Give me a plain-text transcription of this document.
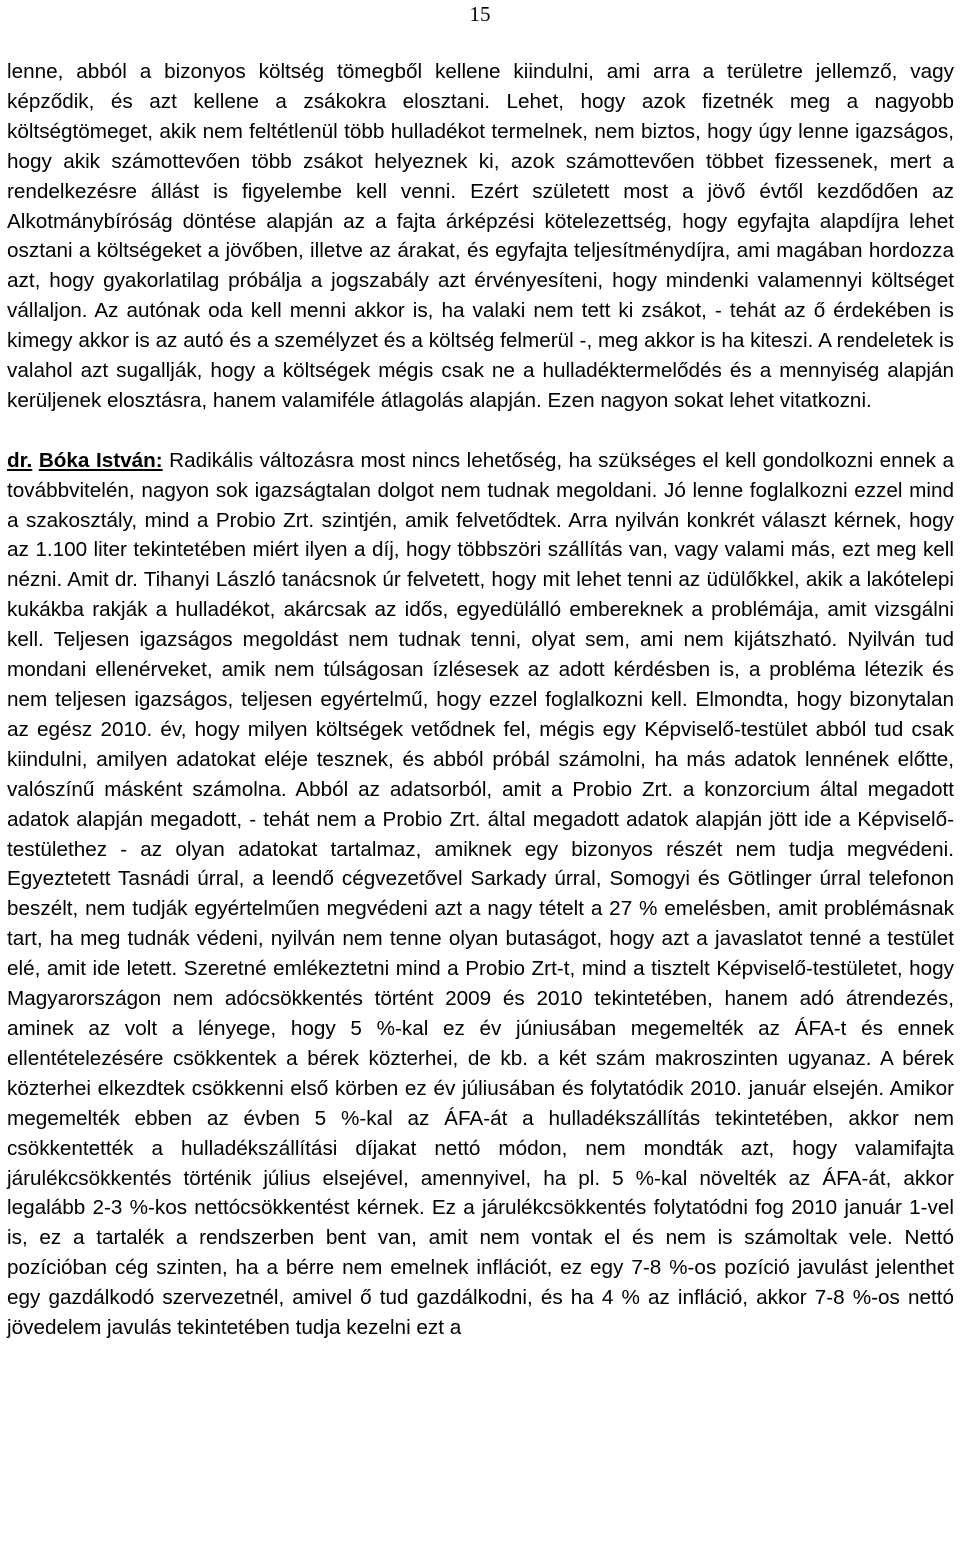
15

lenne, abból a bizonyos költség tömegből kellene kiindulni, ami arra a területre jellemző, vagy képződik, és azt kellene a zsákokra elosztani. Lehet, hogy azok fizetnék meg a nagyobb költségtömeget, akik nem feltétlenül több hulladékot termelnek, nem biztos, hogy úgy lenne igazságos, hogy akik számottevően több zsákot helyeznek ki, azok számottevően többet fizessenek, mert a rendelkezésre állást is figyelembe kell venni. Ezért született most a jövő évtől kezdődően az Alkotmánybíróság döntése alapján az a fajta árképzési kötelezettség, hogy egyfajta alapdíjra lehet osztani a költségeket a jövőben, illetve az árakat, és egyfajta teljesítménydíjra, ami magában hordozza azt, hogy gyakorlatilag próbálja a jogszabály azt érvényesíteni, hogy mindenki valamennyi költséget vállaljon. Az autónak oda kell menni akkor is, ha valaki nem tett ki zsákot, - tehát az ő érdekében is kimegy akkor is az autó és a személyzet és a költség felmerül -, meg akkor is ha kiteszi. A rendeletek is valahol azt sugallják, hogy a költségek mégis csak ne a hulladéktermelődés és a mennyiség alapján kerüljenek elosztásra, hanem valamiféle átlagolás alapján. Ezen nagyon sokat lehet vitatkozni.

dr. Bóka István: Radikális változásra most nincs lehetőség, ha szükséges el kell gondolkozni ennek a továbbvitelén, nagyon sok igazságtalan dolgot nem tudnak megoldani. Jó lenne foglalkozni ezzel mind a szakosztály, mind a Probio Zrt. szintjén, amik felvetődtek. Arra nyilván konkrét választ kérnek, hogy az 1.100 liter tekintetében miért ilyen a díj, hogy többszöri szállítás van, vagy valami más, ezt meg kell nézni. Amit dr. Tihanyi László tanácsnok úr felvetett, hogy mit lehet tenni az üdülőkkel, akik a lakótelepi kukákba rakják a hulladékot, akárcsak az idős, egyedülálló embereknek a problémája, amit vizsgálni kell. Teljesen igazságos megoldást nem tudnak tenni, olyat sem, ami nem kijátszható. Nyilván tud mondani ellenérveket, amik nem túlságosan ízlésesek az adott kérdésben is, a probléma létezik és nem teljesen igazságos, teljesen egyértelmű, hogy ezzel foglalkozni kell. Elmondta, hogy bizonytalan az egész 2010. év, hogy milyen költségek vetődnek fel, mégis egy Képviselő-testület abból tud csak kiindulni, amilyen adatokat eléje tesznek, és abból próbál számolni, ha más adatok lennének előtte, valószínű másként számolna. Abból az adatsorból, amit a Probio Zrt. a konzorcium által megadott adatok alapján megadott, - tehát nem a Probio Zrt. által megadott adatok alapján jött ide a Képviselő-testülethez - az olyan adatokat tartalmaz, amiknek egy bizonyos részét nem tudja megvédeni. Egyeztetett Tasnádi úrral, a leendő cégvezetővel Sarkady úrral, Somogyi és Götlinger úrral telefonon beszélt, nem tudják egyértelműen megvédeni azt a nagy tételt a 27 % emelésben, amit problémásnak tart, ha meg tudnák védeni, nyilván nem tenne olyan butaságot, hogy azt a javaslatot tenné a testület elé, amit ide letett. Szeretné emlékeztetni mind a Probio Zrt-t, mind a tisztelt Képviselő-testületet, hogy Magyarországon nem adócsökkentés történt 2009 és 2010 tekintetében, hanem adó átrendezés, aminek az volt a lényege, hogy 5 %-kal ez év júniusában megemelték az ÁFA-t és ennek ellentételezésére csökkentek a bérek közterhei, de kb. a két szám makroszinten ugyanaz. A bérek közterhei elkezdtek csökkenni első körben ez év júliusában és folytatódik 2010. január elsején. Amikor megemelték ebben az évben 5 %-kal az ÁFA-át a hulladékszállítás tekintetében, akkor nem csökkentették a hulladékszállítási díjakat nettó módon, nem mondták azt, hogy valamifajta járulékcsökkentés történik július elsejével, amennyivel, ha pl. 5 %-kal növelték az ÁFA-át, akkor legalább 2-3 %-kos nettócsökkentést kérnek. Ez a járulékcsökkentés folytatódni fog 2010 január 1-vel is, ez a tartalék a rendszerben bent van, amit nem vontak el és nem is számoltak vele. Nettó pozícióban cég szinten, ha a bérre nem emelnek inflációt, ez egy 7-8 %-os pozíció javulást jelenthet egy gazdálkodó szervezetnél, amivel ő tud gazdálkodni, és ha 4 % az infláció, akkor 7-8 %-os nettó jövedelem javulás tekintetében tudja kezelni ezt a
